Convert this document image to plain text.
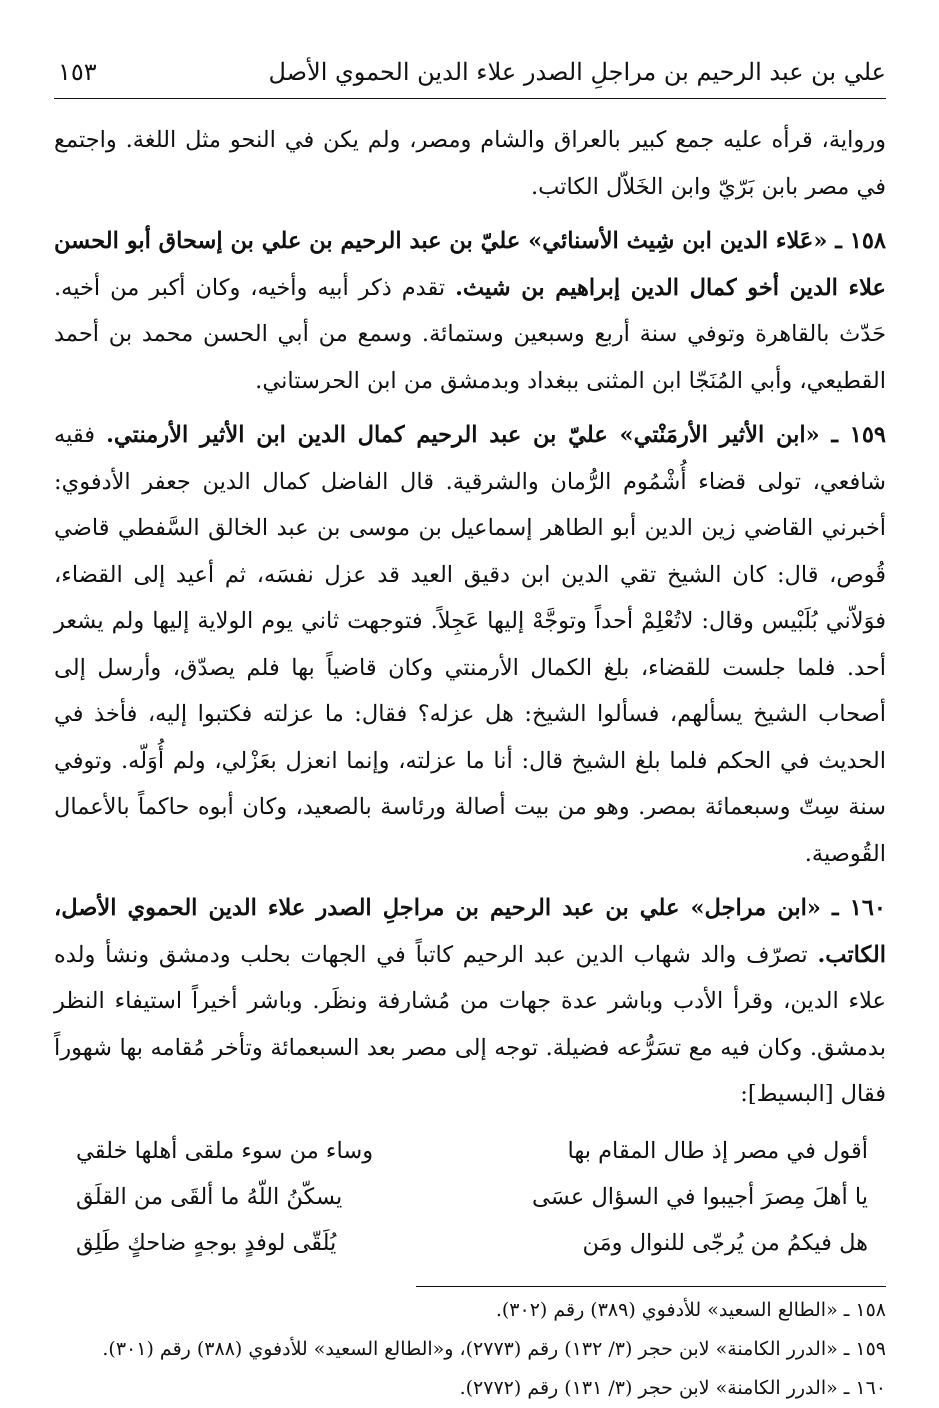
علي بن عبد الرحيم بن مراجلِ الصدر علاء الدين الحموي الأصل
١٥٣

ورواية، قرأه عليه جمع كبير بالعراق والشام ومصر، ولم يكن في النحو مثل اللغة. واجتمع في مصر بابن بَرّيّ وابن الخَلاّل الكاتب.

١٥٨ ـ «عَلاء الدين ابن شِيث الأسنائي» عليّ بن عبد الرحيم بن علي بن إسحاق أبو الحسن علاء الدين أخو كمال الدين إبراهيم بن شيث. تقدم ذكر أبيه وأخيه، وكان أكبر من أخيه. حَدّث بالقاهرة وتوفي سنة أربع وسبعين وستمائة. وسمع من أبي الحسن محمد بن أحمد القطيعي، وأبي المُنَجّا ابن المثنى ببغداد وبدمشق من ابن الحرستاني.

١٥٩ ـ «ابن الأثير الأرمَنْتي» عليّ بن عبد الرحيم كمال الدين ابن الأثير الأرمنتي. فقيه شافعي، تولى قضاء أُشْمُوم الرُّمان والشرقية. قال الفاضل كمال الدين جعفر الأدفوي: أخبرني القاضي زين الدين أبو الطاهر إسماعيل بن موسى بن عبد الخالق السَّفطي قاضي قُوص، قال: كان الشيخ تقي الدين ابن دقيق العيد قد عزل نفسَه، ثم أعيد إلى القضاء، فوَلاّني بُلَبْيس وقال: لاتُعْلِمْ أحداً وتوجَّهْ إليها عَجِلاً. فتوجهت ثاني يوم الولاية إليها ولم يشعر أحد. فلما جلست للقضاء، بلغ الكمال الأرمنتي وكان قاضياً بها فلم يصدّق، وأرسل إلى أصحاب الشيخ يسألهم، فسألوا الشيخ: هل عزله؟ فقال: ما عزلته فكتبوا إليه، فأخذ في الحديث في الحكم فلما بلغ الشيخ قال: أنا ما عزلته، وإنما انعزل بعَزْلي، ولم أُوَلّه. وتوفي سنة سِتّ وسبعمائة بمصر. وهو من بيت أصالة ورئاسة بالصعيد، وكان أبوه حاكماً بالأعمال القُوصية.

١٦٠ ـ «ابن مراجل» علي بن عبد الرحيم بن مراجلِ الصدر علاء الدين الحموي الأصل، الكاتب. تصرّف والد شهاب الدين عبد الرحيم كاتباً في الجهات بحلب ودمشق ونشأ ولده علاء الدين، وقرأ الأدب وباشر عدة جهات من مُشارفة ونظَر. وباشر أخيراً استيفاء النظر بدمشق. وكان فيه مع تسَرُّعه فضيلة. توجه إلى مصر بعد السبعمائة وتأخر مُقامه بها شهوراً فقال [البسيط]:

أقول في مصر إذ طال المقام بها
وساء من سوء ملقى أهلها خلقي
يا أهلَ مِصرَ أجيبوا في السؤال عسَى
يسكّنُ اللّهُ ما ألقَى من القلَق
هل فيكمُ من يُرجّى للنوال ومَن
يُلَقّى لوفدٍ بوجهٍ ضاحكٍ طَلِق

١٥٨ ـ «الطالع السعيد» للأدفوي (٣٨٩) رقم (٣٠٢).

١٥٩ ـ «الدرر الكامنة» لابن حجر (٣/ ١٣٢) رقم (٢٧٧٣)، و«الطالع السعيد» للأدفوي (٣٨٨) رقم (٣٠١).

١٦٠ ـ «الدرر الكامنة» لابن حجر (٣/ ١٣١) رقم (٢٧٧٢).
